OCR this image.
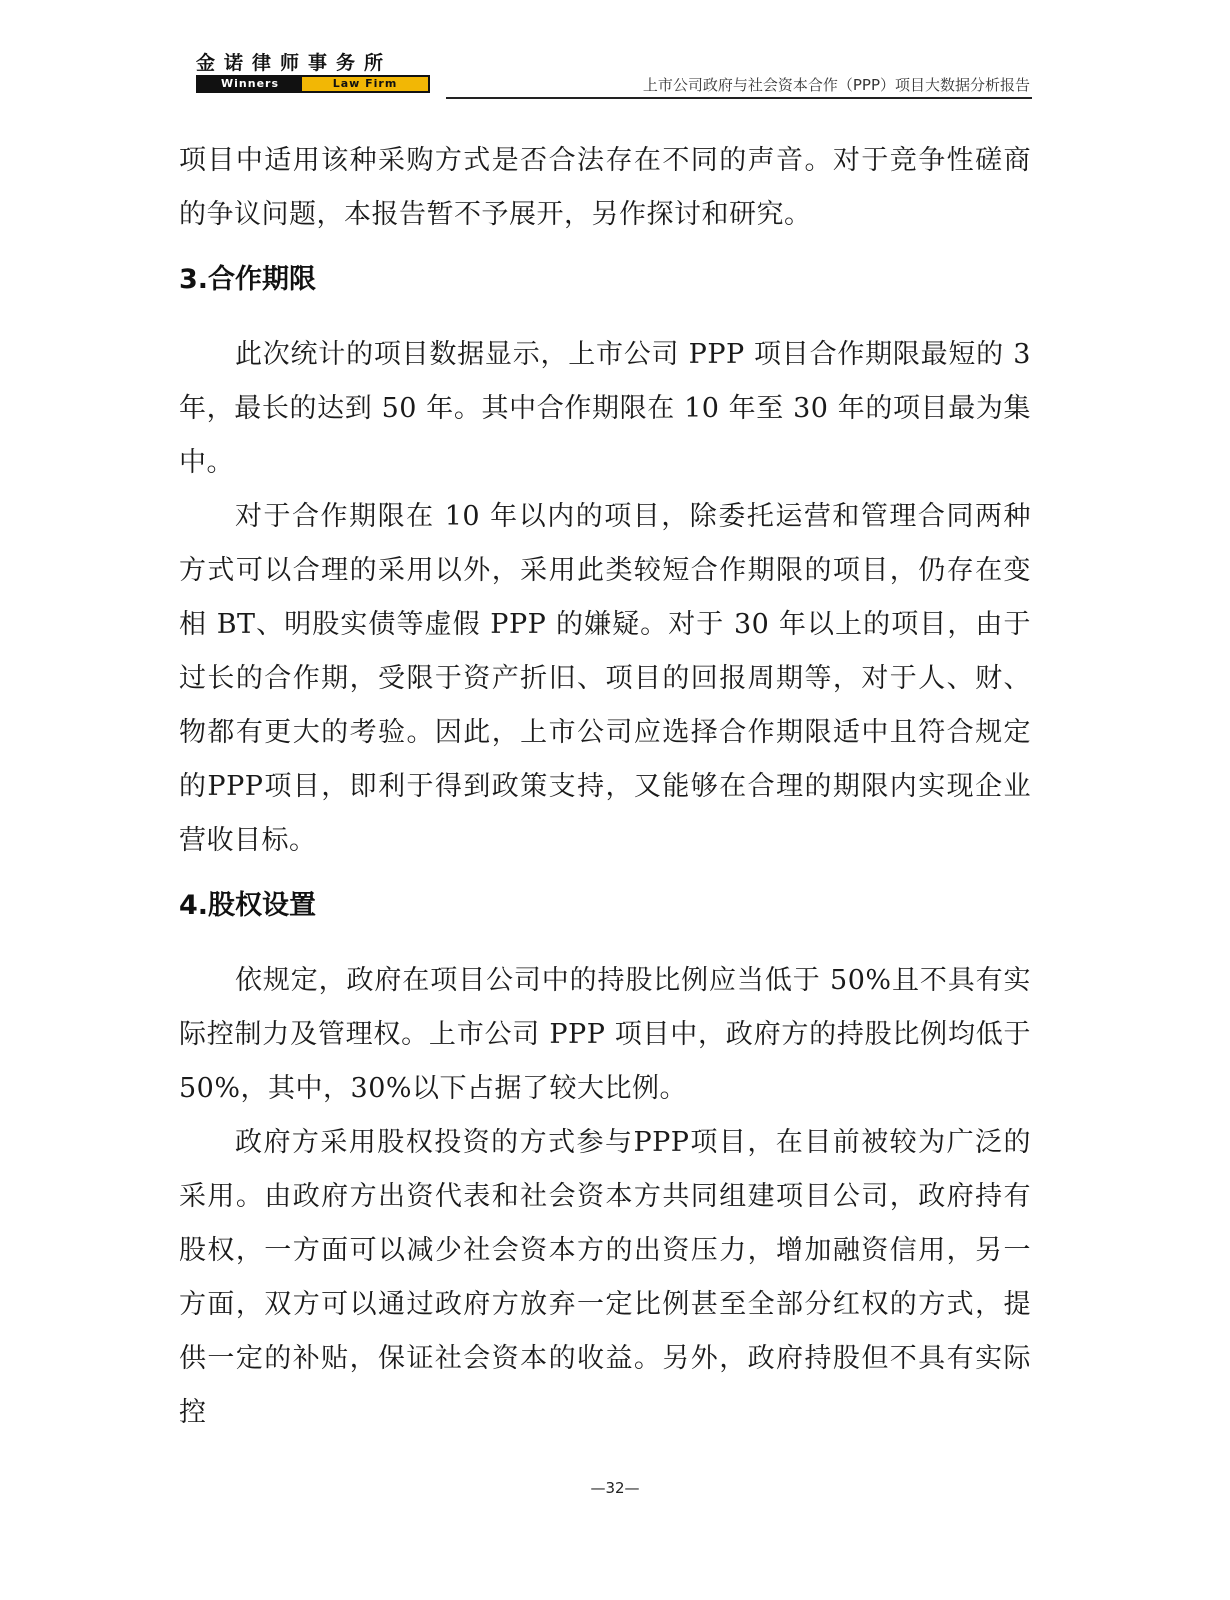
金诺律师事务所
Winners	Law Firm	上市公司政府与社会资本合作（PPP）项目大数据分析报告

项目中适用该种采购方式是否合法存在不同的声音。对于竞争性磋商的争议问题，本报告暂不予展开，另作探讨和研究。

3.合作期限

此次统计的项目数据显示，上市公司 PPP 项目合作期限最短的 3 年，最长的达到 50 年。其中合作期限在 10 年至 30 年的项目最为集中。

对于合作期限在 10 年以内的项目，除委托运营和管理合同两种方式可以合理的采用以外，采用此类较短合作期限的项目，仍存在变相 BT、明股实债等虚假 PPP 的嫌疑。对于 30 年以上的项目，由于过长的合作期，受限于资产折旧、项目的回报周期等，对于人、财、物都有更大的考验。因此，上市公司应选择合作期限适中且符合规定的PPP项目，即利于得到政策支持，又能够在合理的期限内实现企业营收目标。

4.股权设置

依规定，政府在项目公司中的持股比例应当低于 50%且不具有实际控制力及管理权。上市公司 PPP 项目中，政府方的持股比例均低于 50%，其中，30%以下占据了较大比例。

政府方采用股权投资的方式参与PPP项目，在目前被较为广泛的采用。由政府方出资代表和社会资本方共同组建项目公司，政府持有股权，一方面可以减少社会资本方的出资压力，增加融资信用，另一方面，双方可以通过政府方放弃一定比例甚至全部分红权的方式，提供一定的补贴，保证社会资本的收益。另外，政府持股但不具有实际控

—32—
